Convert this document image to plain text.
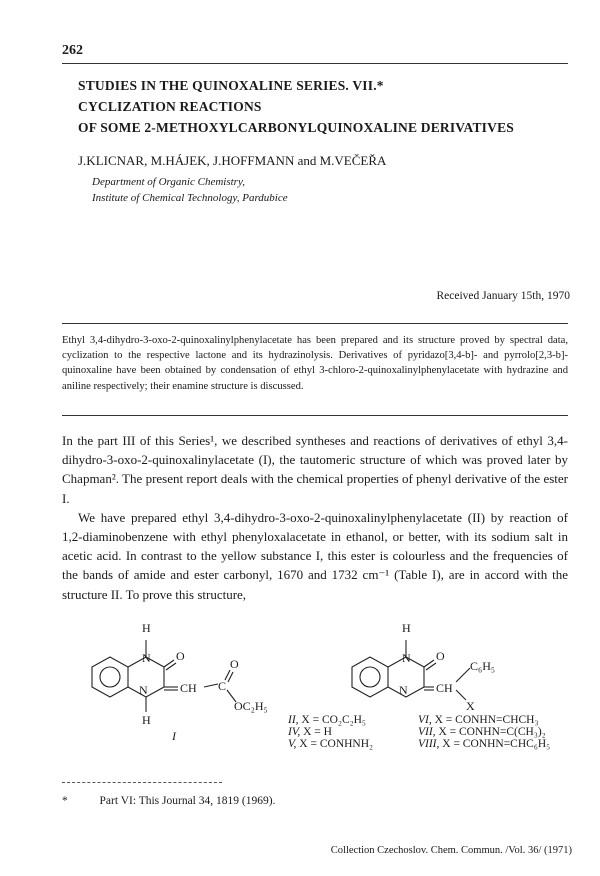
262
STUDIES IN THE QUINOXALINE SERIES. VII.*
CYCLIZATION REACTIONS
OF SOME 2-METHOXYLCARBONYLQUINOXALINE DERIVATIVES
J.KLICNAR, M.HÁJEK, J.HOFFMANN and M.VEČEŘA
Department of Organic Chemistry,
Institute of Chemical Technology, Pardubice
Received January 15th, 1970
Ethyl 3,4-dihydro-3-oxo-2-quinoxalinylphenylacetate has been prepared and its structure proved by spectral data, cyclization to the respective lactone and its hydrazinolysis. Derivatives of pyridazo[3,4-b]- and pyrrolo[2,3-b]-quinoxaline have been obtained by condensation of ethyl 3-chloro-2-quinoxalinylphenylacetate with hydrazine and aniline respectively; their enamine structure is discussed.

In the part III of this Series¹, we described syntheses and reactions of derivatives of ethyl 3,4-dihydro-3-oxo-2-quinoxalinylacetate (I), the tautomeric structure of which was proved later by Chapman². The present report deals with the chemical properties of phenyl derivative of the ester I.

We have prepared ethyl 3,4-dihydro-3-oxo-2-quinoxalinylphenylacetate (II) by reaction of 1,2-diaminobenzene with ethyl phenyloxalacetate in ethanol, or better, with its sodium salt in acetic acid. In contrast to the yellow substance I, this ester is colourless and the frequencies of the bands of amide and ester carbonyl, 1670 and 1732 cm⁻¹ (Table I), are in accord with the structure II. To prove this structure,

H
N O
N
H
CH C
O
OC₂H₅
I
H
N O
N CH
C₆H₅
X
II, X = CO₂C₂H₅
IV, X = H
V, X = CONHNH₂
VI, X = CONHN=CHCH₃
VII, X = CONHN=C(CH₃)₂
VIII, X = CONHN=CHC₆H₅
*	Part VI: This Journal 34, 1819 (1969).
Collection Czechoslov. Chem. Commun. /Vol. 36/ (1971)
